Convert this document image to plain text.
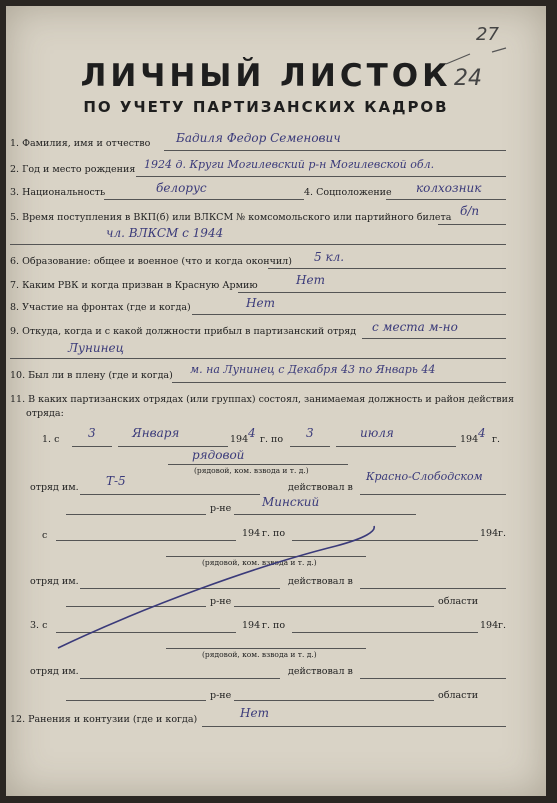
27
24
ЛИЧНЫЙ ЛИСТОК
ПО УЧЕТУ ПАРТИЗАНСКИХ КАДРОВ
1. Фамилия, имя и отчество Бадиля Федор Семенович
2. Год и место рождения 1924 д. Круги Могилевский р-н Могилевской обл.
3. Национальность	белорус	4. Соцположение колхозник
5. Время поступления в ВКП(б) или ВЛКСМ № комсомольского или партийного билета б/п
чл. ВЛКСМ с 1944
6. Образование: общее и военное (что и когда окончил) 5 кл.
7. Каким РВК и когда призван в Красную Армию	Нет
8. Участие на фронтах (где и когда)	Нет
9. Откуда, когда и с какой должности прибыл в партизанский отряд с места м-но
Лунинец
10. Был ли в плену (где и когда) м. на Лунинец с Декабря 43 по Январь 44
11. В каких партизанских отрядах (или группах) состоял, занимаемая должность и район действия
отряда:
1. с 3	Января	194 4 г. по 3	июля	194 4 г.
рядовой
(рядовой, ком. взвода и т. д.)
отряд им. Т-5	действовал в
Красно-Слободском
р-не	Минский
с	194 г. по	194 г.
(рядовой, ком. взвода и т. д.)
отряд им.	действовал в
р-не	области
3. с	194 г. по	194 г.
(рядовой, ком. взвода и т. д.)
отряд им.	действовал в
р-не	области
12. Ранения и контузии (где и когда)	Нет
